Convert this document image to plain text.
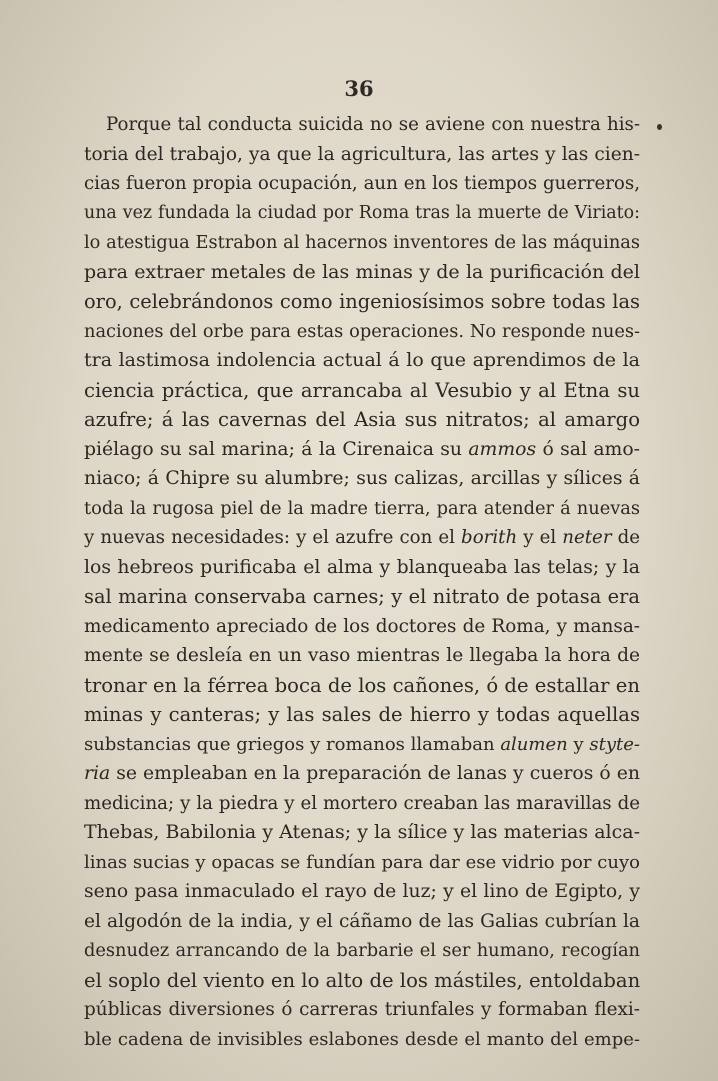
36
Porque tal conducta suicida no se aviene con nuestra his-
toria del trabajo, ya que la agricultura, las artes y las cien-
cias fueron propia ocupación, aun en los tiempos guerreros,
una vez fundada la ciudad por Roma tras la muerte de Viriato:
lo atestigua Estrabon al hacernos inventores de las máquinas
para extraer metales de las minas y de la purificación del
oro, celebrándonos como ingeniosísimos sobre todas las
naciones del orbe para estas operaciones. No responde nues-
tra lastimosa indolencia actual á lo que aprendimos de la
ciencia práctica, que arrancaba al Vesubio y al Etna su
azufre; á las cavernas del Asia sus nitratos; al amargo
piélago su sal marina; á la Cirenaica su ammos ó sal amo-
niaco; á Chipre su alumbre; sus calizas, arcillas y sílices á
toda la rugosa piel de la madre tierra, para atender á nuevas
y nuevas necesidades: y el azufre con el borith y el neter de
los hebreos purificaba el alma y blanqueaba las telas; y la
sal marina conservaba carnes; y el nitrato de potasa era
medicamento apreciado de los doctores de Roma, y mansa-
mente se desleía en un vaso mientras le llegaba la hora de
tronar en la férrea boca de los cañones, ó de estallar en
minas y canteras; y las sales de hierro y todas aquellas
substancias que griegos y romanos llamaban alumen y styte-
ria se empleaban en la preparación de lanas y cueros ó en
medicina; y la piedra y el mortero creaban las maravillas de
Thebas, Babilonia y Atenas; y la sílice y las materias alca-
linas sucias y opacas se fundían para dar ese vidrio por cuyo
seno pasa inmaculado el rayo de luz; y el lino de Egipto, y
el algodón de la india, y el cáñamo de las Galias cubrían la
desnudez arrancando de la barbarie el ser humano, recogían
el soplo del viento en lo alto de los mástiles, entoldaban
públicas diversiones ó carreras triunfales y formaban flexi-
ble cadena de invisibles eslabones desde el manto del empe-
